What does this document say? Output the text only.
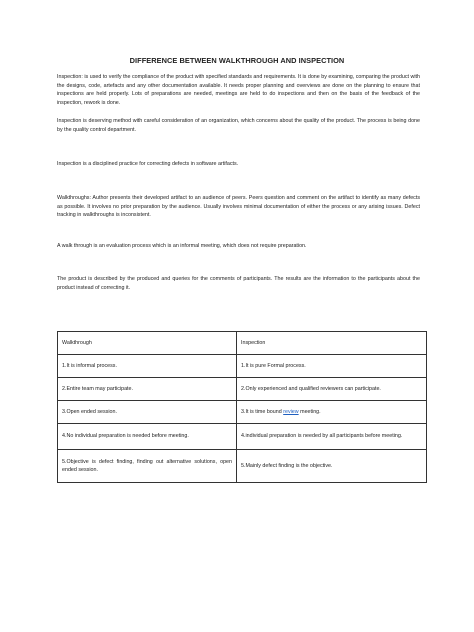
DIFFERENCE BETWEEN WALKTHROUGH AND INSPECTION
Inspection: is used to verify the compliance of the product with specified standards and requirements. It is done by examining, comparing the product with the designs, code, artefacts and any other documentation available. It needs proper planning and overviews are done on the planning to ensure that inspections are held properly. Lots of preparations are needed, meetings are held to do inspections and then on the basis of the feedback of the inspection, rework is done.
Inspection is deserving method with careful consideration of an organization, which concerns about the quality of the product. The process is being done by the quality control department.
Inspection is a disciplined practice for correcting defects in software artifacts.
Walkthroughs: Author presents their developed artifact to an audience of peers. Peers question and comment on the artifact to identify as many defects as possible. It involves no prior preparation by the audience. Usually involves minimal documentation of either the process or any arising issues. Defect tracking in walkthroughs is inconsistent.
A walk through is an evaluation process which is an informal meeting, which does not require preparation.
The product is described by the produced and queries for the comments of participants. The results are the information to the participants about the product instead of correcting it.
Walkthrough	Inspection
1.It is informal process.	1.It is pure Formal process.
2.Entire team may participate.	2.Only experienced and qualified reviewers can participate.
3.Open ended session.	3.It is time bound review meeting.
4.No individual preparation is needed before meeting.	4.individual preparation is needed by all participants before meeting.
5.Objective is defect finding, finding out alternative solutions, open ended session.	5.Mainly defect finding is the objective.
